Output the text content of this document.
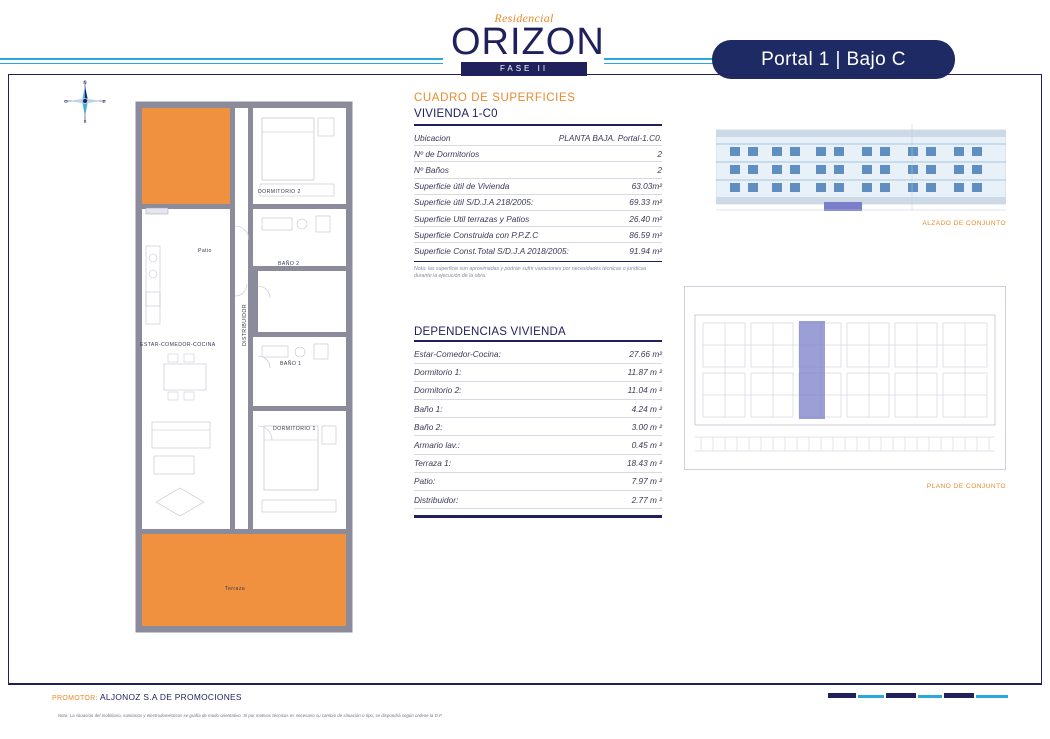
Residencial
ORIZON
FASE II	Portal 1 | Bajo C
N
S
E
O
Patio
Terraza
DORMITORIO 2
DORMITORIO 1
BAÑO 2
BAÑO 1
DISTRIBUIDOR
ESTAR-COMEDOR-COCINA
CUADRO DE SUPERFICIES
VIVIENDA 1-C0
Ubicacion	PLANTA BAJA. Portal-1.C0.
Nº de Dormitorios	2
Nº Baños	2
Superficie útil de Vivienda	63.03m²
Superficie útil S/D.J.A 218/2005:	69.33 m²
Superficie Util terrazas y Patios	26.40 m²
Superficie Construida con P.P.Z.C	86.59 m²
Superficie Const.Total S/D.J.A 2018/2005:	91.94 m²
Nota: las superficie son aproximadas y podrán sufrir variaciones por necesidades técnicas o jurídicas durante la ejecución de la obra.
DEPENDENCIAS VIVIENDA
Estar-Comedor-Cocina:	27.66 m²
Dormitorio 1:	11.87 m ²
Dormitorio 2:	11.04 m ²
Baño 1:	4.24 m ²
Baño 2:	3.00 m ²
Armario lav.:	0.45 m ²
Terraza 1:	18.43 m ²
Patio:	7.97 m ²
Distribuidor:	2.77 m ²
ALZADO DE CONJUNTO
PLANO DE CONJUNTO
PROMOTOR: ALJONOZ S.A DE PROMOCIONES
Nota: La situación del mobiliario, sanitarios y electrodomésticos se grafía de modo orientativo. Si por motivos técnicos es necesario su cambio de situación o tipo, se dispondrá según ordene la D.F.
